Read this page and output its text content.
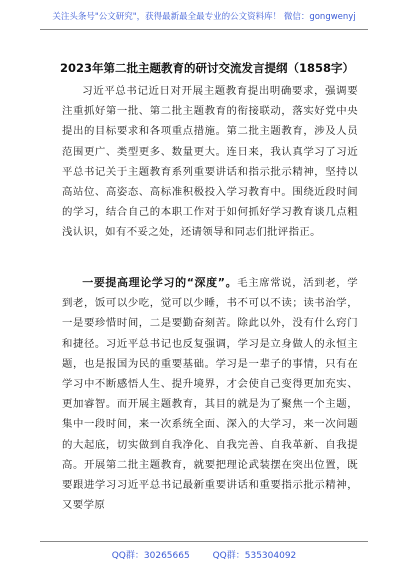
关注头条号"公文研究"，获得最新最全最专业的公文资料库！ 微信：gongwenyj
2023年第二批主题教育的研讨交流发言提纲（1858字）
习近平总书记近日对开展主题教育提出明确要求，强调要注重抓好第一批、第二批主题教育的衔接联动，落实好党中央提出的目标要求和各项重点措施。第二批主题教育，涉及人员范围更广、类型更多、数量更大。连日来，我认真学习了习近平总书记关于主题教育系列重要讲话和指示批示精神，坚持以高站位、高姿态、高标准积极投入学习教育中。围绕近段时间的学习，结合自己的本职工作对于如何抓好学习教育谈几点粗浅认识，如有不妥之处，还请领导和同志们批评指正。
一要提高理论学习的“深度”。毛主席常说，活到老，学到老，饭可以少吃，觉可以少睡，书不可以不读；读书治学，一是要珍惜时间，二是要勤奋刻苦。除此以外，没有什么窍门和捷径。习近平总书记也反复强调，学习是立身做人的永恒主题，也是报国为民的重要基础。学习是一辈子的事情，只有在学习中不断感悟人生、提升境界，才会使自己变得更加充实、更加睿智。而开展主题教育，其目的就是为了聚焦一个主题，集中一段时间，来一次系统全面、深入的大学习，来一次问题的大起底，切实做到自我净化、自我完善、自我革新、自我提高。开展第二批主题教育，就要把理论武装摆在突出位置，既要跟进学习习近平总书记最新重要讲话和重要指示批示精神，又要学原
QQ群：30265665	QQ群：535304092
